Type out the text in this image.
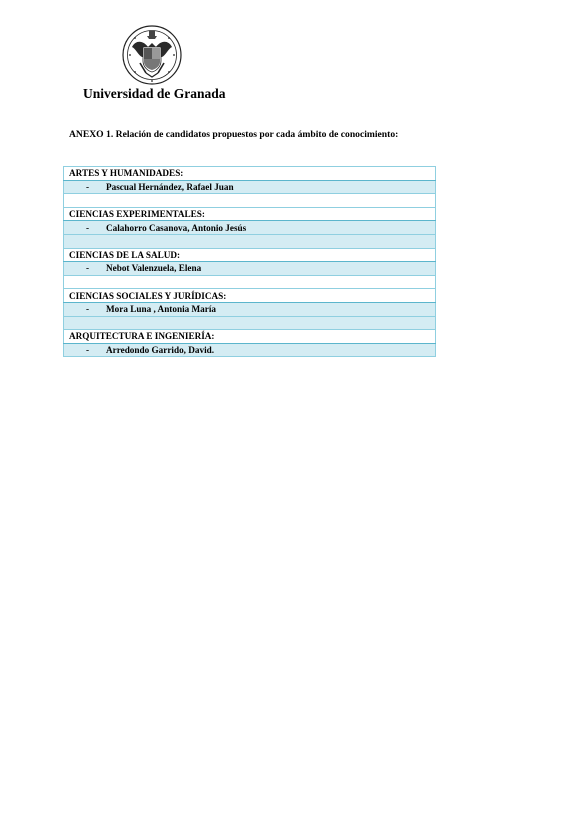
Universidad de Granada
ANEXO 1. Relación de candidatos propuestos por cada ámbito de conocimiento:
ARTES Y HUMANIDADES:
- Pascual Hernández, Rafael Juan

CIENCIAS EXPERIMENTALES:
- Calahorro Casanova, Antonio Jesús

CIENCIAS DE LA SALUD:
- Nebot Valenzuela, Elena

CIENCIAS SOCIALES Y JURÍDICAS:
- Mora Luna , Antonia María

ARQUITECTURA E INGENIERÍA:
- Arredondo Garrido, David.
